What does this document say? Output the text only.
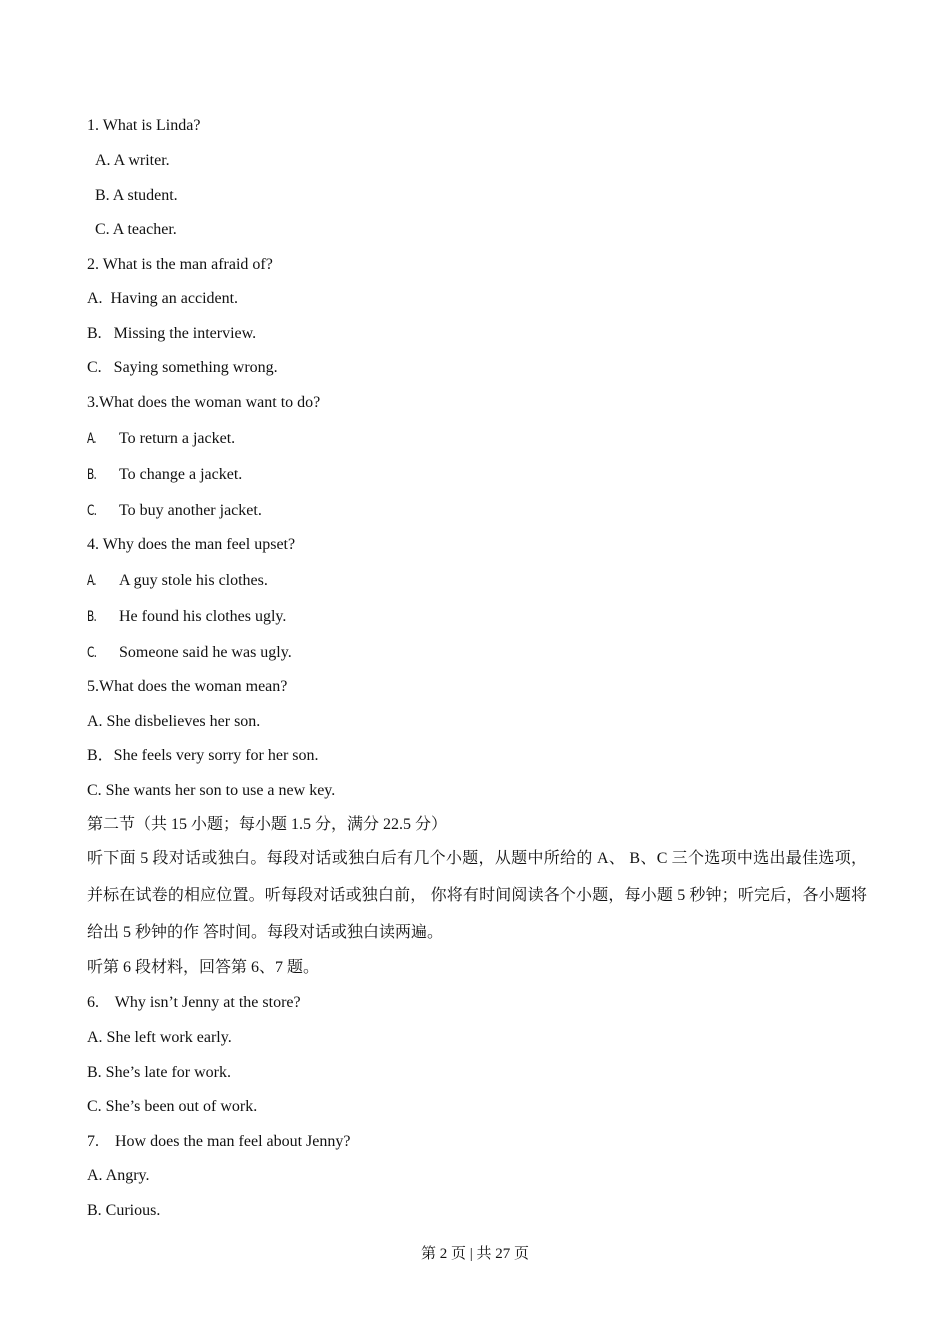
1. What is Linda?
A. A writer.
B. A student.
C. A teacher.
2. What is the man afraid of?
A.  Having an accident.
B.   Missing the interview.
C.   Saying something wrong.
3.What does the woman want to do?
A. To return a jacket.
B. To change a jacket.
C. To buy another jacket.
4. Why does the man feel upset?
A. A guy stole his clothes.
B. He found his clothes ugly.
C. Someone said he was ugly.
5.What does the woman mean?
A. She disbelieves her son.
B．She feels very sorry for her son.
C. She wants her son to use a new key.
第二节（共 15 小题；每小题 1.5 分，满分 22.5 分）
听下面 5 段对话或独白。每段对话或独白后有几个小题，从题中所给的 A、 B、C 三个选项中选出最佳选项，并标在试卷的相应位置。听每段对话或独白前， 你将有时间阅读各个小题，每小题 5 秒钟；听完后，各小题将给出 5 秒钟的作 答时间。每段对话或独白读两遍。
听第 6 段材料，回答第 6、7 题。
6.    Why isn’t Jenny at the store?
A. She left work early.
B. She’s late for work.
C. She’s been out of work.
7.    How does the man feel about Jenny?
A. Angry.
B. Curious.
第 2 页 | 共 27 页
